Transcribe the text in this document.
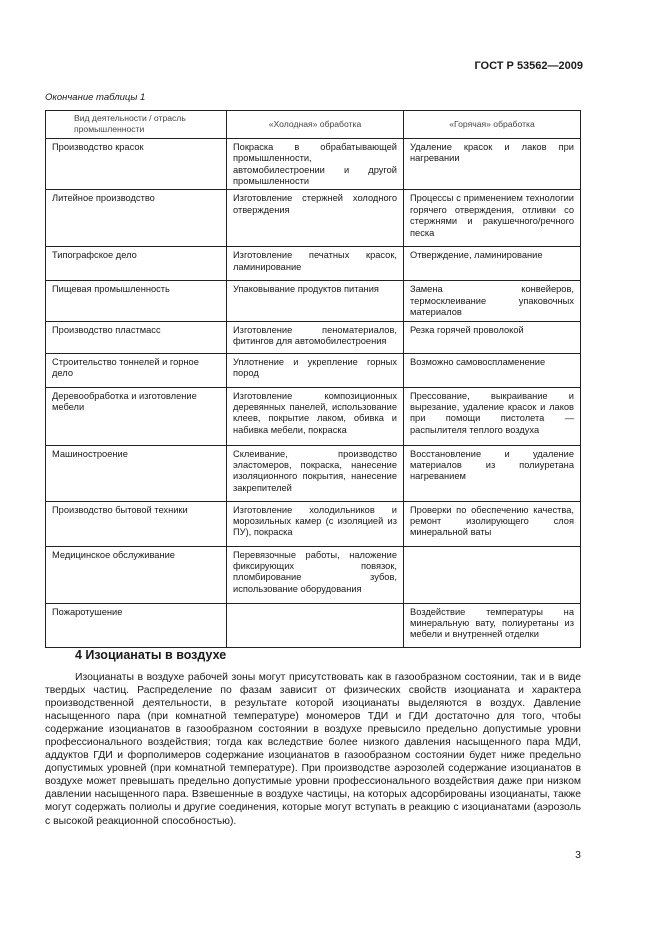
ГОСТ Р 53562—2009
Окончание таблицы 1
Вид деятельности / отрасль промышленности	«Холодная» обработка	«Горячая» обработка
Производство красок	Покраска в обрабатывающей промышленности, автомобилестроении и другой промышленности	Удаление красок и лаков при нагревании
Литейное производство	Изготовление стержней холодного отверждения	Процессы с применением технологии горячего отверждения, отливки со стержнями и ракушечного/речного песка
Типографское дело	Изготовление печатных красок, ламинирование	Отверждение, ламинирование
Пищевая промышленность	Упаковывание продуктов питания	Замена конвейеров, термосклеивание упаковочных материалов
Производство пластмасс	Изготовление пеноматериалов, фитингов для автомобилестроения	Резка горячей проволокой
Строительство тоннелей и горное дело	Уплотнение и укрепление горных пород	Возможно самовоспламенение
Деревообработка и изготовление мебели	Изготовление композиционных деревянных панелей, использование клеев, покрытие лаком, обивка и набивка мебели, покраска	Прессование, выкраивание и вырезание, удаление красок и лаков при помощи пистолета — распылителя теплого воздуха
Машиностроение	Склеивание, производство эластомеров, покраска, нанесение изоляционного покрытия, нанесение закрепителей	Восстановление и удаление материалов из полиуретана нагреванием
Производство бытовой техники	Изготовление холодильников и морозильных камер (с изоляцией из ПУ), покраска	Проверки по обеспечению качества, ремонт изолирующего слоя минеральной ваты
Медицинское обслуживание	Перевязочные работы, наложение фиксирующих повязок, пломбирование зубов, использование оборудования	
Пожаротушение		Воздействие температуры на минеральную вату, полиуретаны из мебели и внутренней отделки
4 Изоцианаты в воздухе

Изоцианаты в воздухе рабочей зоны могут присутствовать как в газообразном состоянии, так и в виде твердых частиц. Распределение по фазам зависит от физических свойств изоцианата и характера производственной деятельности, в результате которой изоцианаты выделяются в воздух. Давление насыщенного пара (при комнатной температуре) мономеров ТДИ и ГДИ достаточно для того, чтобы содержание изоцианатов в газообразном состоянии в воздухе превысило предельно допустимые уровни профессионального воздействия; тогда как вследствие более низкого давления насыщенного пара МДИ, аддуктов ГДИ и форполимеров содержание изоцианатов в газообразном состоянии будет ниже предельно допустимых уровней (при комнатной температуре). При производстве аэрозолей содержание изоцианатов в воздухе может превышать предельно допустимые уровни профессионального воздействия даже при низком давлении насыщенного пара. Взвешенные в воздухе частицы, на которых адсорбированы изоцианаты, также могут содержать полиолы и другие соединения, которые могут вступать в реакцию с изоцианатами (аэрозоль с высокой реакционной способностью).

3
